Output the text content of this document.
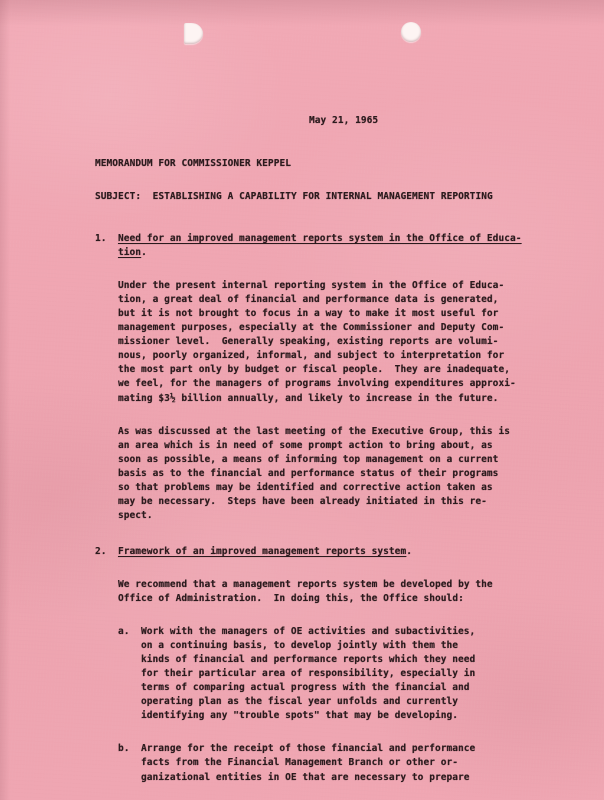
May 21, 1965
MEMORANDUM FOR COMMISSIONER KEPPEL
SUBJECT:  ESTABLISHING A CAPABILITY FOR INTERNAL MANAGEMENT REPORTING
1. Need for an improved management reports system in the Office of Educa-
tion.
Under the present internal reporting system in the Office of Educa-
tion, a great deal of financial and performance data is generated,
but it is not brought to focus in a way to make it most useful for
management purposes, especially at the Commissioner and Deputy Com-
missioner level.  Generally speaking, existing reports are volumi-
nous, poorly organized, informal, and subject to interpretation for
the most part only by budget or fiscal people.  They are inadequate,
we feel, for the managers of programs involving expenditures approxi-
mating $3½ billion annually, and likely to increase in the future.
As was discussed at the last meeting of the Executive Group, this is
an area which is in need of some prompt action to bring about, as
soon as possible, a means of informing top management on a current
basis as to the financial and performance status of their programs
so that problems may be identified and corrective action taken as
may be necessary.  Steps have been already initiated in this re-
spect.
2. Framework of an improved management reports system.
We recommend that a management reports system be developed by the
Office of Administration.  In doing this, the Office should:
a. Work with the managers of OE activities and subactivities,
on a continuing basis, to develop jointly with them the
kinds of financial and performance reports which they need
for their particular area of responsibility, especially in
terms of comparing actual progress with the financial and
operating plan as the fiscal year unfolds and currently
identifying any "trouble spots" that may be developing.
b. Arrange for the receipt of those financial and performance
facts from the Financial Management Branch or other or-
ganizational entities in OE that are necessary to prepare
